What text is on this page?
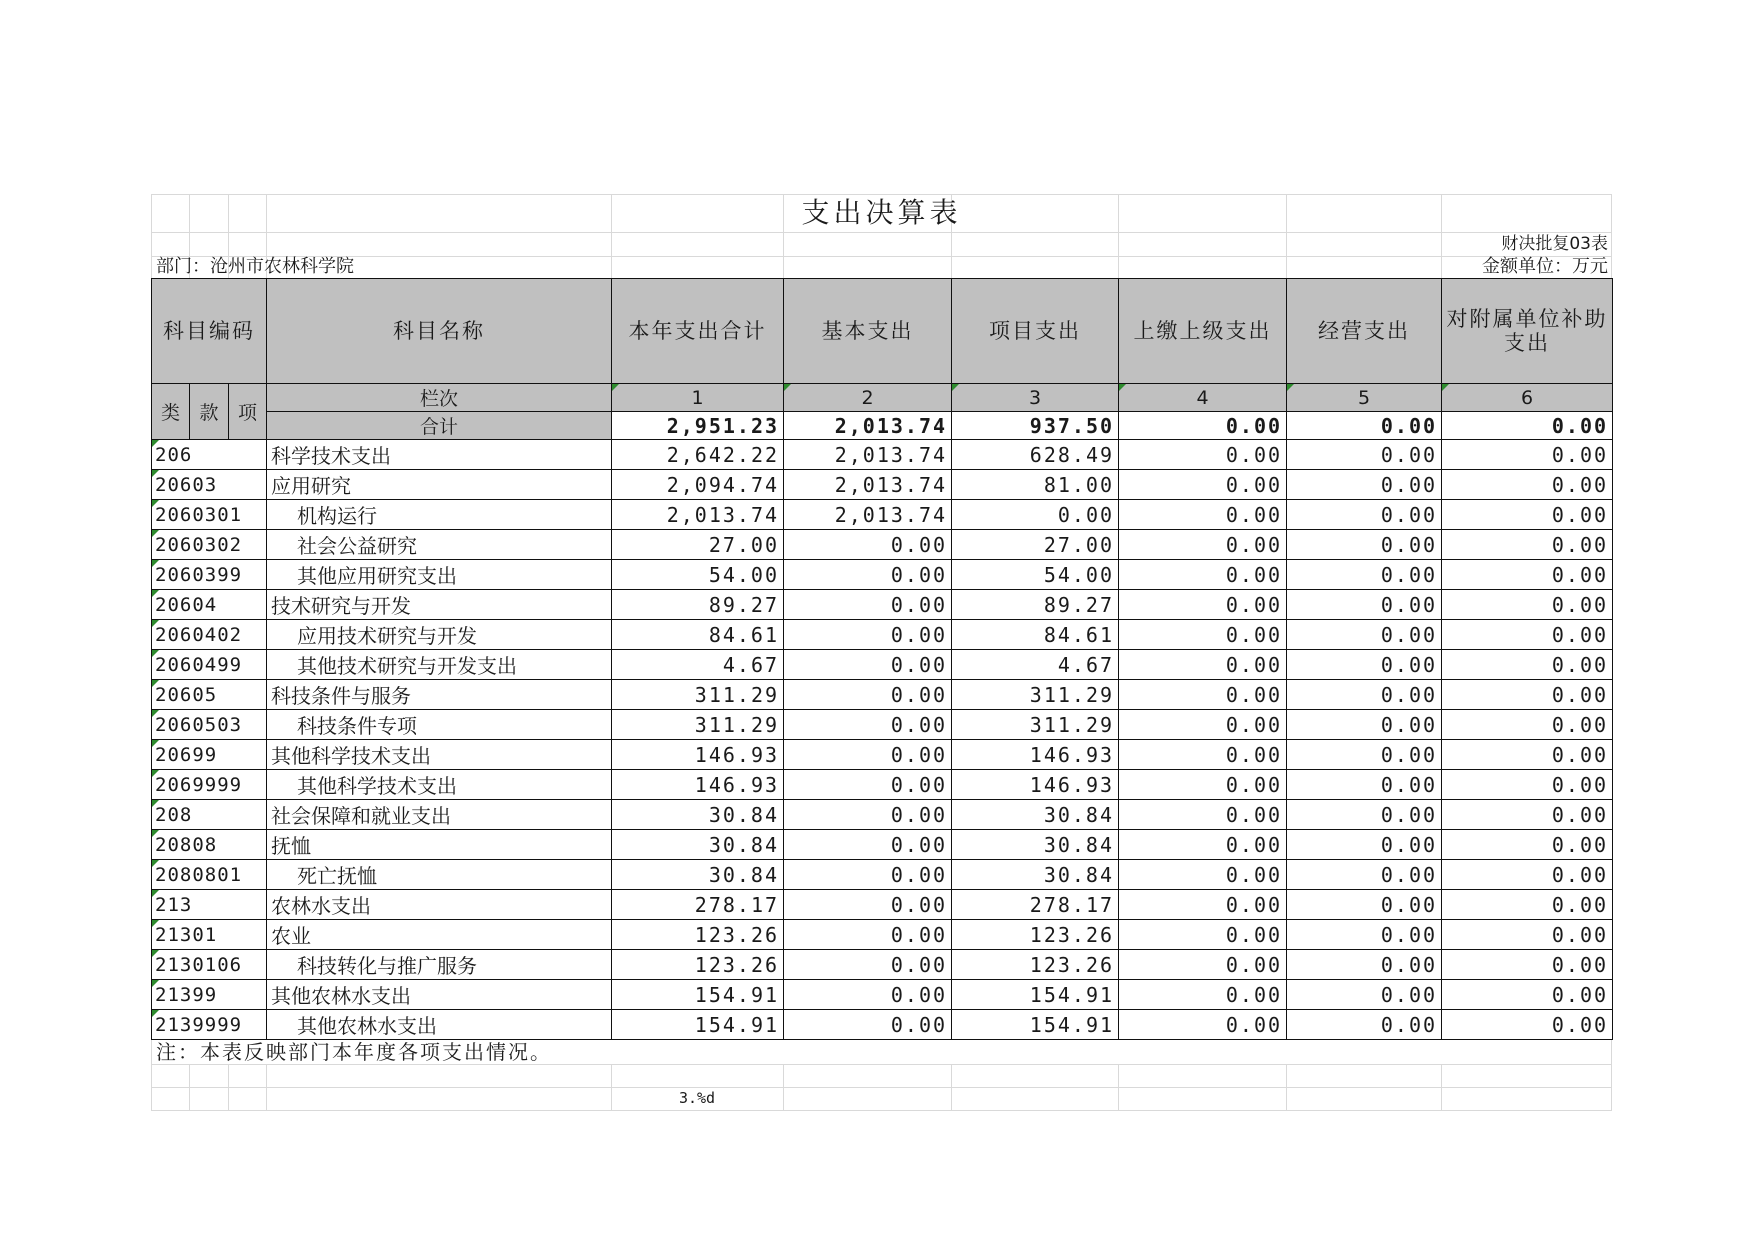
支出决算表
财决批复03表
部门：沧州市农林科学院	金额单位：万元
科目编码			科目名称	本年支出合计	基本支出	项目支出	上缴上级支出	经营支出	对附属单位补助支出
类	款	项	栏次	1	2	3	4	5	6
			合计	2,951.23	2,013.74	937.50	0.00	0.00	0.00

206			科学技术支出	2,642.22	2,013.74	628.49	0.00	0.00	0.00

20603			应用研究	2,094.74	2,013.74	81.00	0.00	0.00	0.00

2060301			机构运行	2,013.74	2,013.74	0.00	0.00	0.00	0.00

2060302			社会公益研究	27.00	0.00	27.00	0.00	0.00	0.00

2060399			其他应用研究支出	54.00	0.00	54.00	0.00	0.00	0.00

20604			技术研究与开发	89.27	0.00	89.27	0.00	0.00	0.00

2060402			应用技术研究与开发	84.61	0.00	84.61	0.00	0.00	0.00

2060499			其他技术研究与开发支出	4.67	0.00	4.67	0.00	0.00	0.00

20605			科技条件与服务	311.29	0.00	311.29	0.00	0.00	0.00

2060503			科技条件专项	311.29	0.00	311.29	0.00	0.00	0.00

20699			其他科学技术支出	146.93	0.00	146.93	0.00	0.00	0.00

2069999			其他科学技术支出	146.93	0.00	146.93	0.00	0.00	0.00

208			社会保障和就业支出	30.84	0.00	30.84	0.00	0.00	0.00

20808			抚恤	30.84	0.00	30.84	0.00	0.00	0.00

2080801			死亡抚恤	30.84	0.00	30.84	0.00	0.00	0.00

213			农林水支出	278.17	0.00	278.17	0.00	0.00	0.00

21301			农业	123.26	0.00	123.26	0.00	0.00	0.00

2130106			科技转化与推广服务	123.26	0.00	123.26	0.00	0.00	0.00

21399			其他农林水支出	154.91	0.00	154.91	0.00	0.00	0.00

2139999			其他农林水支出	154.91	0.00	154.91	0.00	0.00	0.00
注：本表反映部门本年度各项支出情况。
3.%d
